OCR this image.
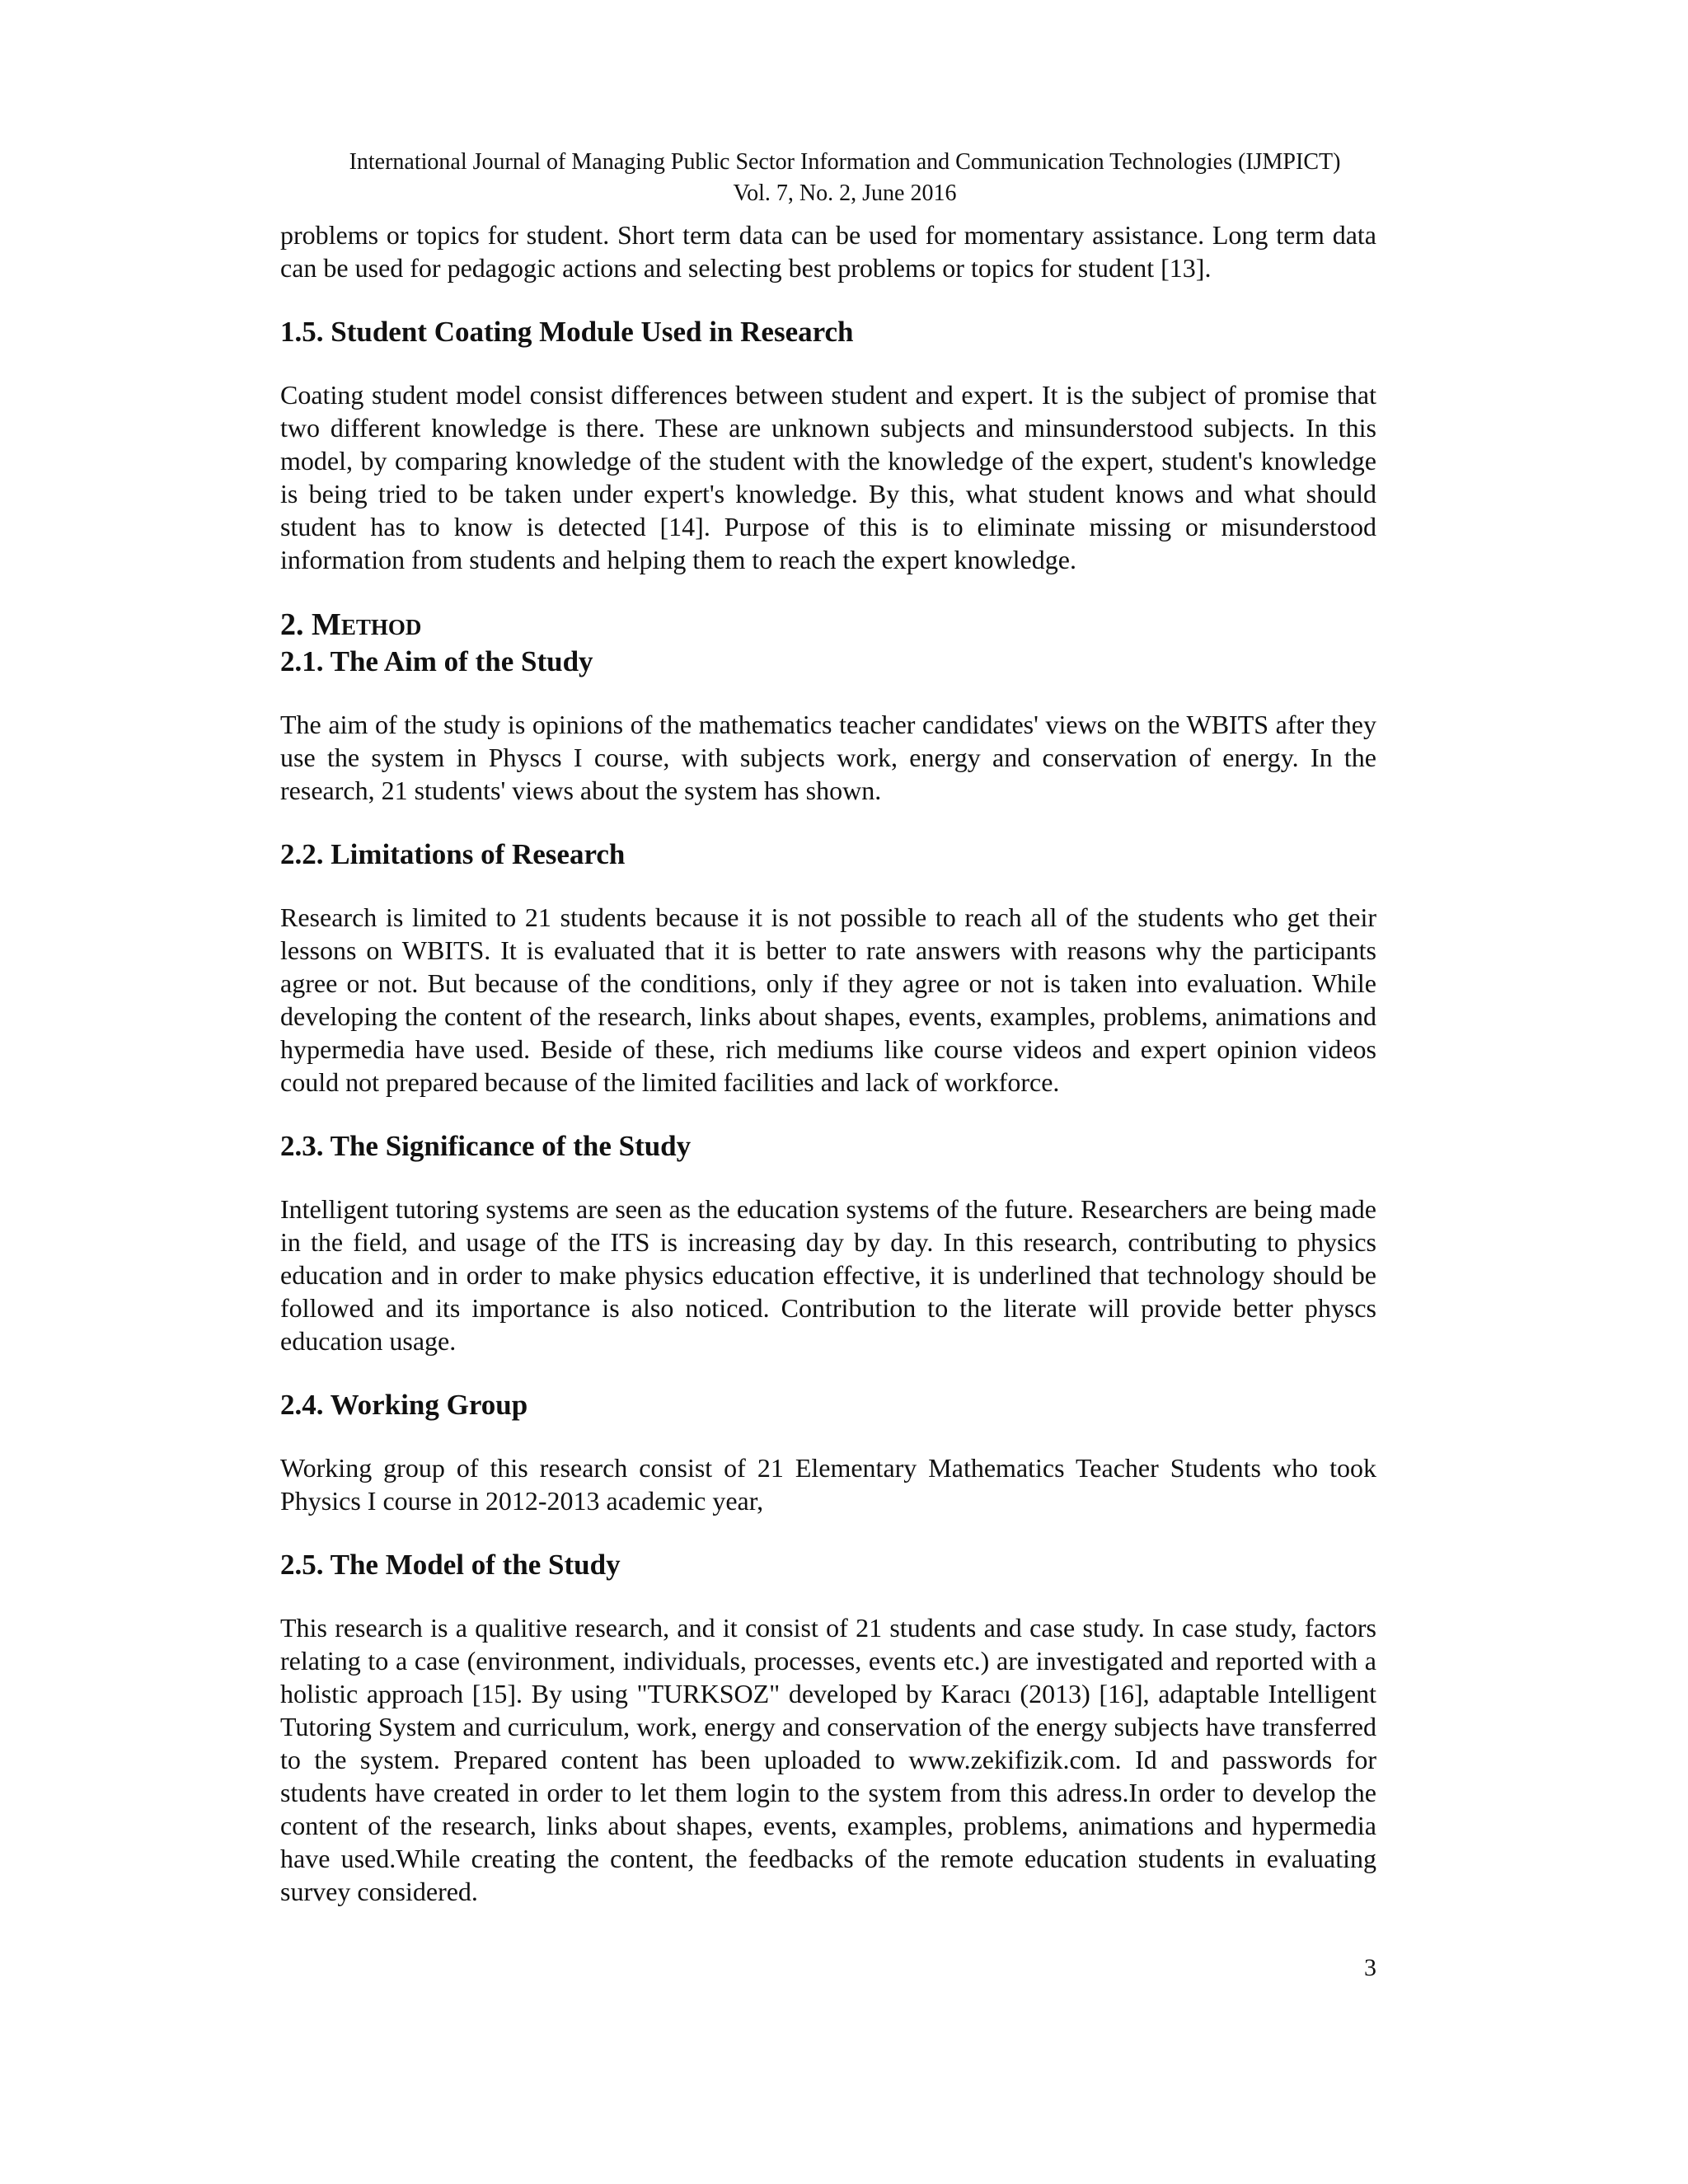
International Journal of Managing Public Sector Information and Communication Technologies (IJMPICT)
Vol. 7, No. 2, June 2016

problems or topics for student. Short term data can be used for momentary assistance. Long term data can be used for pedagogic actions and selecting best problems or topics for student [13].

1.5. Student Coating Module Used in Research

Coating student model consist differences between student and expert. It is the subject of promise that two different knowledge is there. These are unknown subjects and minsunderstood subjects. In this model, by comparing knowledge of the student with the knowledge of the expert, student's knowledge is being tried to be taken under expert's knowledge. By this, what student knows and what should student has to know is detected [14]. Purpose of this is to eliminate missing or misunderstood information from students and helping them to reach the expert knowledge.

2. Method
2.1. The Aim of the Study

The aim of the study is opinions of the mathematics teacher candidates' views on the WBITS after they use the system in Physcs I course, with subjects work, energy and conservation of energy. In the research, 21 students' views about the system has shown.

2.2. Limitations of Research

Research is limited to 21 students because it is not possible to reach all of the students who get their lessons on WBITS. It is evaluated that it is better to rate answers with reasons why the participants agree or not. But because of the conditions, only if they agree or not is taken into evaluation. While developing the content of the research, links about shapes, events, examples, problems, animations and hypermedia have used. Beside of these, rich mediums like course videos and expert opinion videos could not prepared because of the limited facilities and lack of workforce.

2.3. The Significance of the Study

Intelligent tutoring systems are seen as the education systems of the future. Researchers are being made in the field, and usage of the ITS is increasing day by day. In this research, contributing to physics education and in order to make physics education effective, it is underlined that technology should be followed and its importance is also noticed. Contribution to the literate will provide better physcs education usage.

2.4. Working Group

Working group of this research consist of 21 Elementary Mathematics Teacher Students who took Physics I course in 2012-2013 academic year,

2.5. The Model of the Study

This research is a qualitive research, and it consist of 21 students and case study. In case study, factors relating to a case (environment, individuals, processes, events etc.) are investigated and reported with a holistic approach [15]. By using "TURKSOZ" developed by Karacı (2013) [16], adaptable Intelligent Tutoring System and curriculum, work, energy and conservation of the energy subjects have transferred to the system. Prepared content has been uploaded to www.zekifizik.com. Id and passwords for students have created in order to let them login to the system from this adress.In order to develop the content of the research, links about shapes, events, examples, problems, animations and hypermedia have used.While creating the content, the feedbacks of the remote education students in evaluating survey considered.

3
